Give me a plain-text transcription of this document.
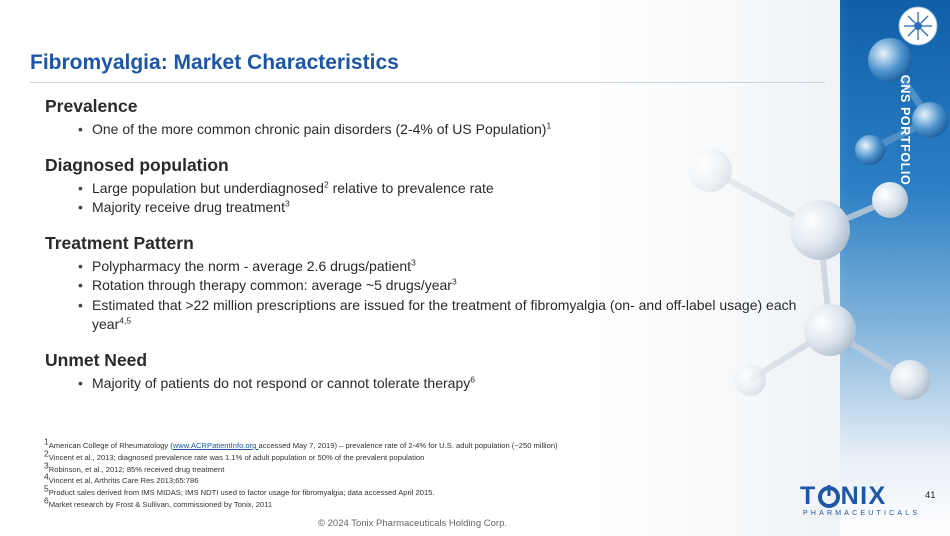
CNS PORTFOLIO
Fibromyalgia: Market Characteristics
Prevalence
• One of the more common chronic pain disorders (2-4% of US Population)$^1$
Diagnosed population
• Large population but underdiagnosed$^2$ relative to prevalence rate
• Majority receive drug treatment$^3$
Treatment Pattern
• Polypharmacy the norm - average 2.6 drugs/patient$^3$
• Rotation through therapy common: average ~5 drugs/year$^3$
• Estimated that >22 million prescriptions are issued for the treatment of fibromyalgia (on- and off-label usage) each year$^{4,5}$
Unmet Need
• Majority of patients do not respond or cannot tolerate therapy$^6$
$^1$American College of Rheumatology (www.ACRPatientInfo.org accessed May 7, 2019) – prevalence rate of 2-4% for U.S. adult population (~250 million)
$^2$Vincent et al., 2013; diagnosed prevalence rate was 1.1% of adult population or 50% of the prevalent population
$^3$Robinson, et al., 2012; 85% received drug treatment
$^4$Vincent et al, Arthritis Care Res 2013;65:786
$^5$Product sales derived from IMS MIDAS; IMS NDTI used to factor usage for fibromyalgia; data accessed April 2015.
$^6$Market research by Frost & Sullivan, commissioned by Tonix, 2011
41
T NIX
PHARMACEUTICALS
© 2024 Tonix Pharmaceuticals Holding Corp.
